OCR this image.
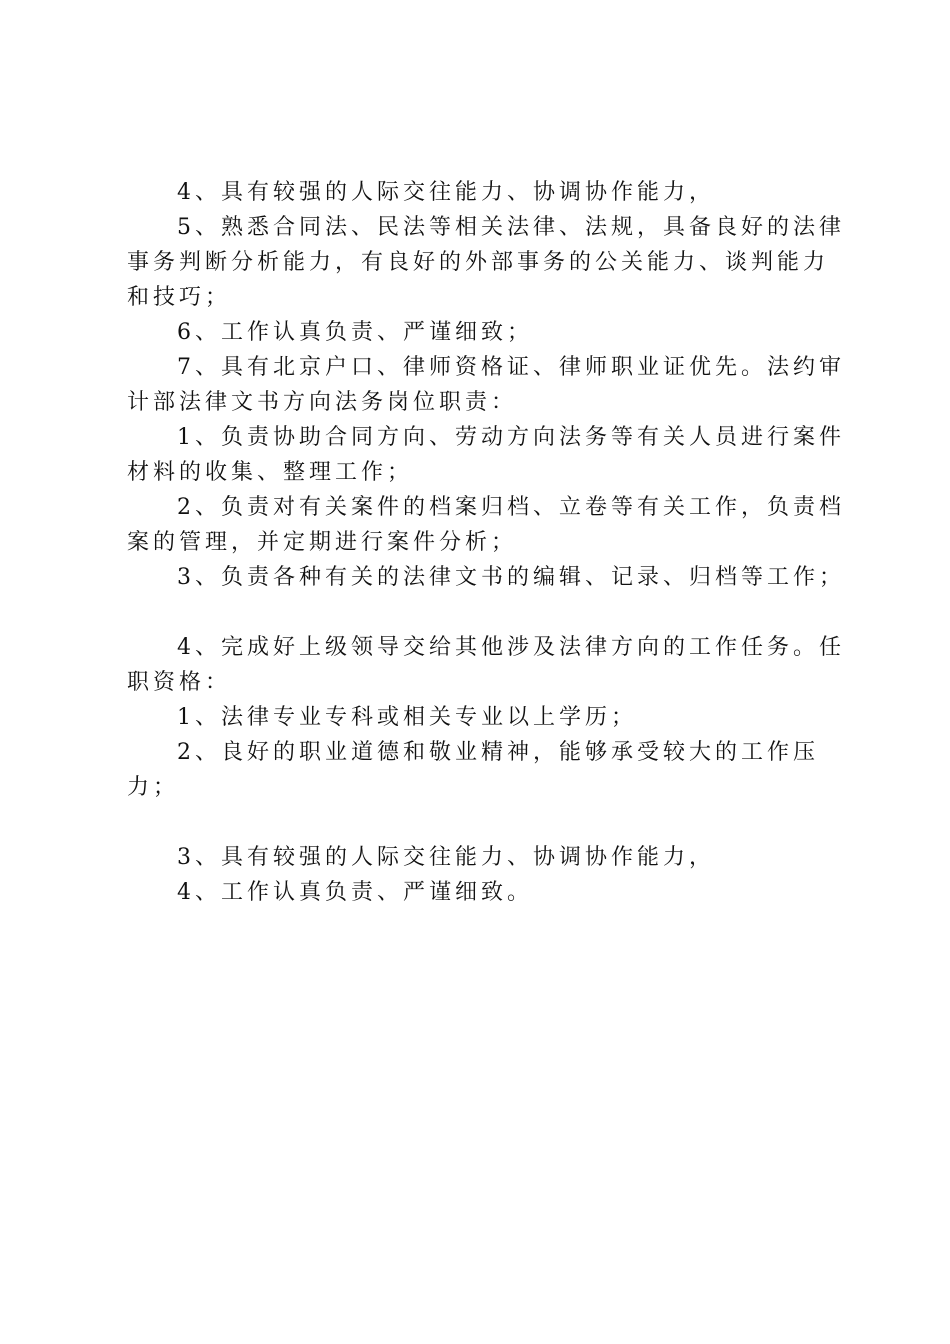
4、具有较强的人际交往能力、协调协作能力，

5、熟悉合同法、民法等相关法律、法规，具备良好的法律事务判断分析能力，有良好的外部事务的公关能力、谈判能力和技巧；

6、工作认真负责、严谨细致；

7、具有北京户口、律师资格证、律师职业证优先。法约审计部法律文书方向法务岗位职责：

1、负责协助合同方向、劳动方向法务等有关人员进行案件材料的收集、整理工作；

2、负责对有关案件的档案归档、立卷等有关工作，负责档案的管理，并定期进行案件分析；

3、负责各种有关的法律文书的编辑、记录、归档等工作；

4、完成好上级领导交给其他涉及法律方向的工作任务。任职资格：

1、法律专业专科或相关专业以上学历；

2、良好的职业道德和敬业精神，能够承受较大的工作压力；

3、具有较强的人际交往能力、协调协作能力，

4、工作认真负责、严谨细致。
